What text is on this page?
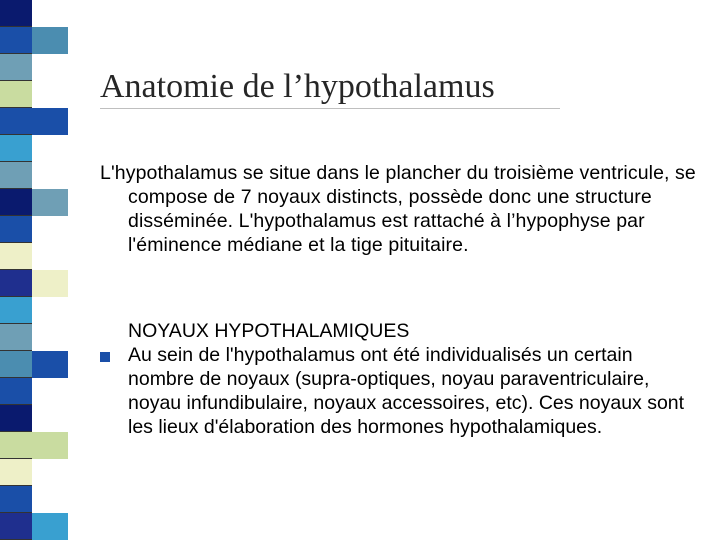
Anatomie de l’hypothalamus
L'hypothalamus se situe dans le plancher du troisième ventricule, se compose de 7 noyaux distincts, possède donc une structure disséminée. L'hypothalamus est rattaché à l’hypophyse par l'éminence médiane et la tige pituitaire.
NOYAUX HYPOTHALAMIQUES
Au sein de l'hypothalamus ont été individualisés un certain nombre de noyaux (supra-optiques, noyau paraventriculaire, noyau infundibulaire, noyaux accessoires, etc). Ces noyaux sont les lieux d'élaboration des hormones hypothalamiques.
